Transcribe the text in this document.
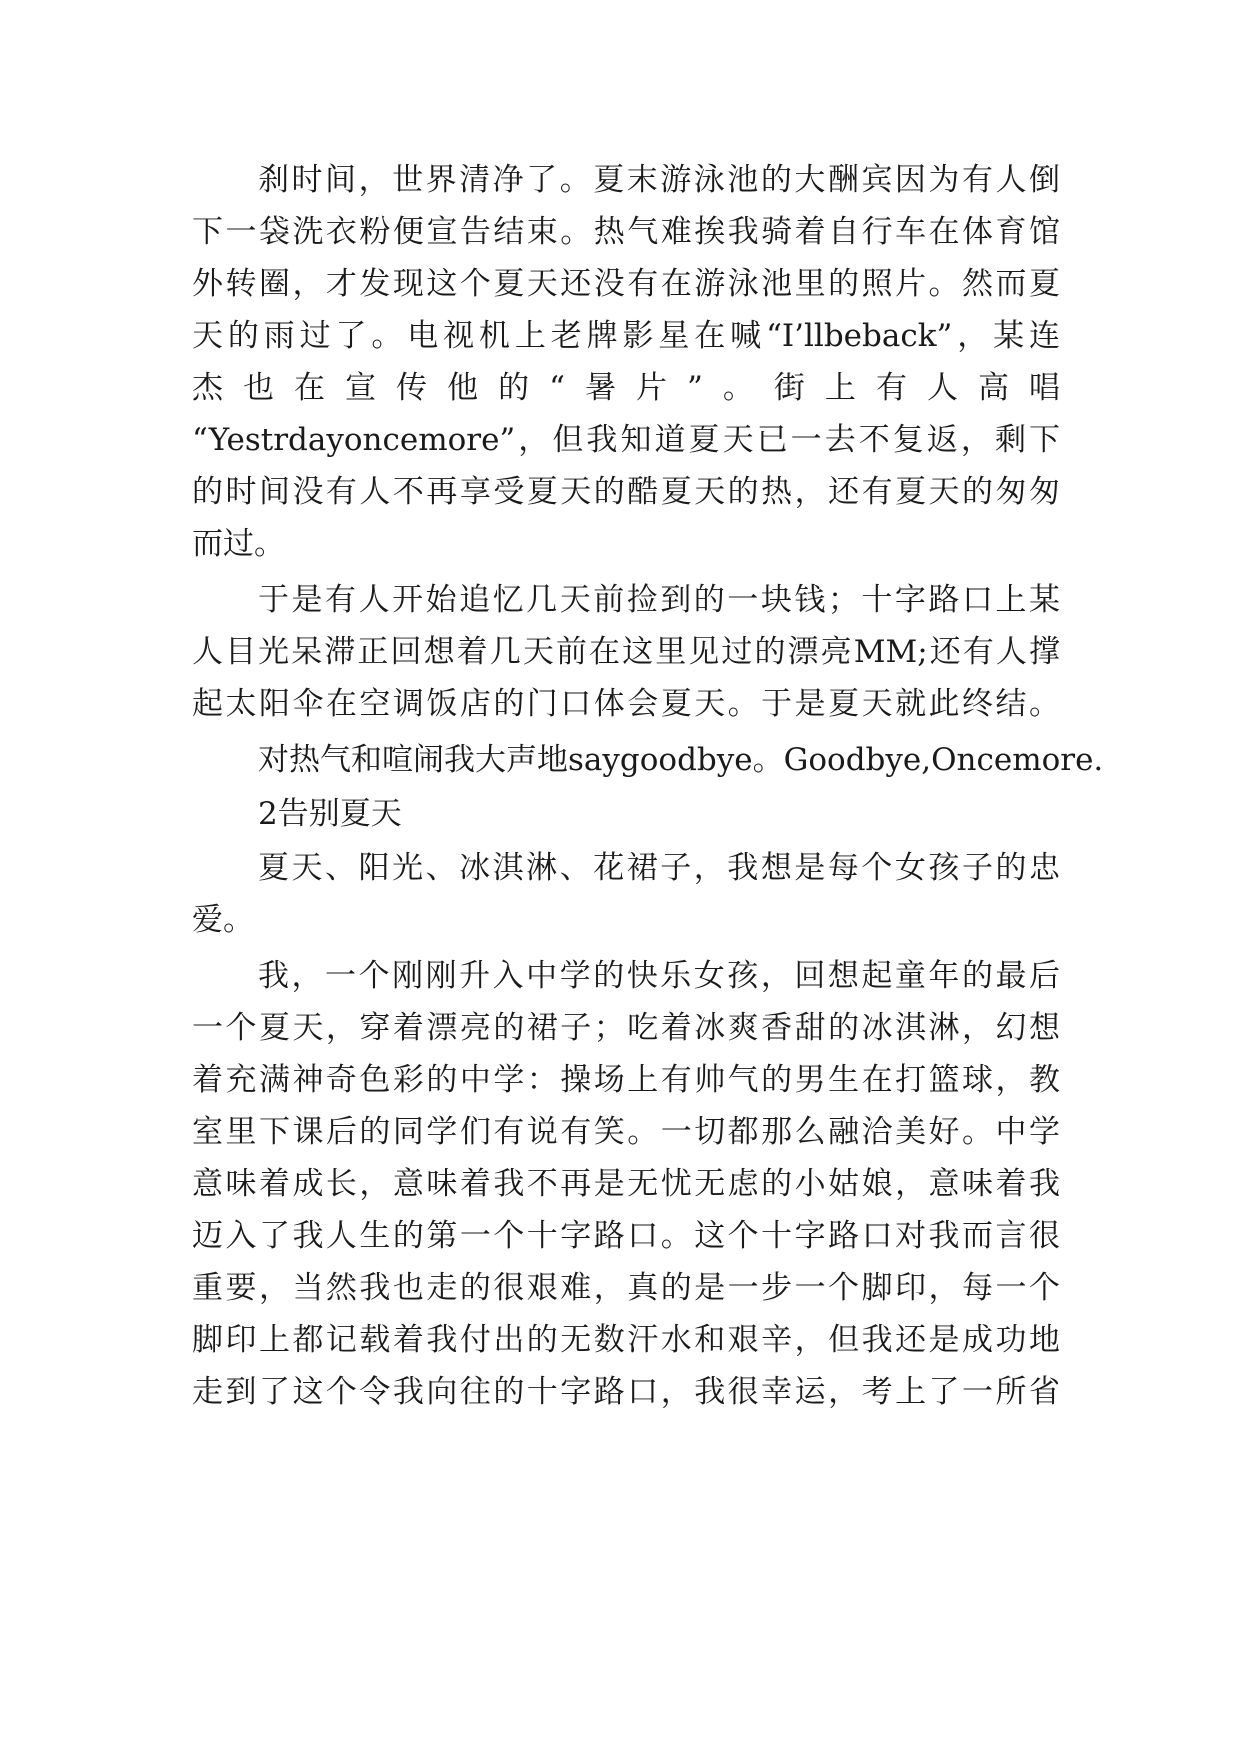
刹时间，世界清净了。夏末游泳池的大酬宾因为有人倒
下一袋洗衣粉便宣告结束。热气难挨我骑着自行车在体育馆
外转圈，才发现这个夏天还没有在游泳池里的照片。然而夏
天的雨过了。电视机上老牌影星在喊“I’llbeback”，某连
杰也在宣传他的“暑片”。街上有人高唱
“Yestrdayoncemore”，但我知道夏天已一去不复返，剩下
的时间没有人不再享受夏天的酷夏天的热，还有夏天的匆匆
而过。
于是有人开始追忆几天前捡到的一块钱；十字路口上某
人目光呆滞正回想着几天前在这里见过的漂亮MM;还有人撑
起太阳伞在空调饭店的门口体会夏天。于是夏天就此终结。
对热气和喧闹我大声地saygoodbye。Goodbye,Oncemore.
2告别夏天
夏天、阳光、冰淇淋、花裙子，我想是每个女孩子的忠
爱。
我，一个刚刚升入中学的快乐女孩，回想起童年的最后
一个夏天，穿着漂亮的裙子；吃着冰爽香甜的冰淇淋，幻想
着充满神奇色彩的中学：操场上有帅气的男生在打篮球，教
室里下课后的同学们有说有笑。一切都那么融洽美好。中学
意味着成长，意味着我不再是无忧无虑的小姑娘，意味着我
迈入了我人生的第一个十字路口。这个十字路口对我而言很
重要，当然我也走的很艰难，真的是一步一个脚印，每一个
脚印上都记载着我付出的无数汗水和艰辛，但我还是成功地
走到了这个令我向往的十字路口，我很幸运，考上了一所省
